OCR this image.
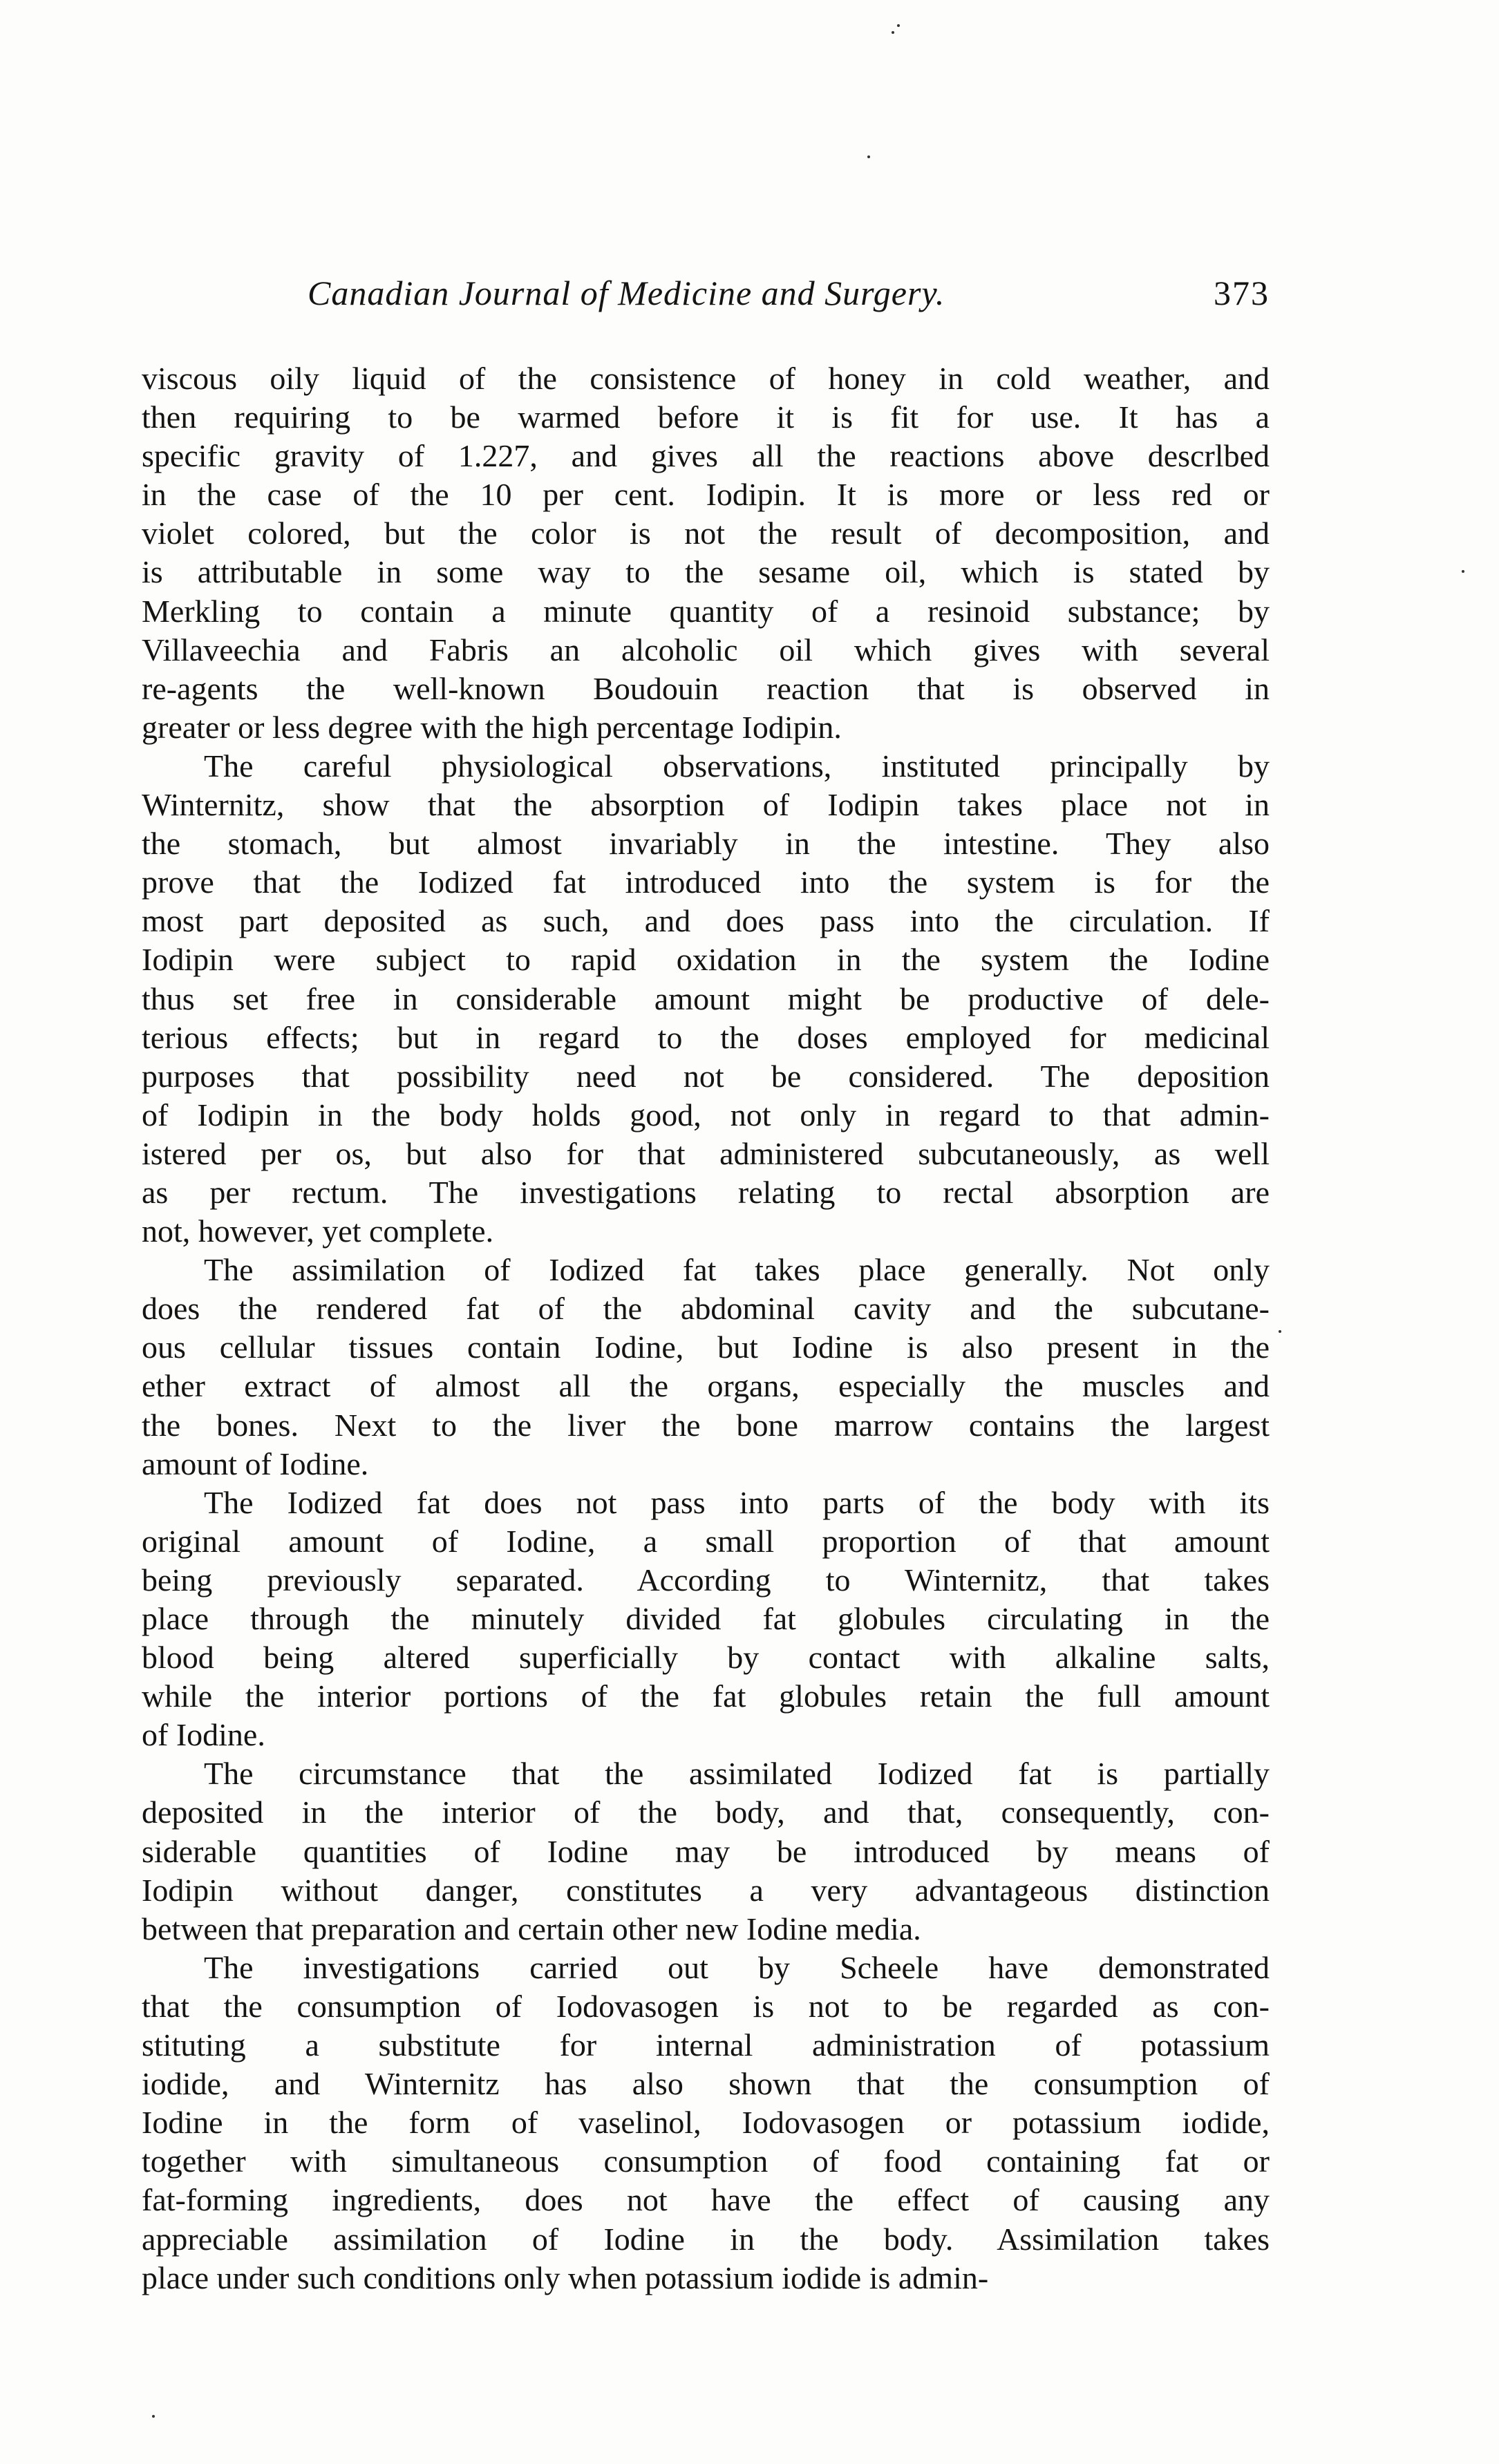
Canadian Journal of Medicine and Surgery.	373
viscous oily liquid of the consistence of honey in cold weather, and
then requiring to be warmed before it is fit for use. It has a
specific gravity of 1.227, and gives all the reactions above descrlbed
in the case of the 10 per cent. Iodipin. It is more or less red or
violet colored, but the color is not the result of decomposition, and
is attributable in some way to the sesame oil, which is stated by
Merkling to contain a minute quantity of a resinoid substance; by
Villaveechia and Fabris an alcoholic oil which gives with several
re-agents the well-known Boudouin reaction that is observed in
greater or less degree with the high percentage Iodipin.
The careful physiological observations, instituted principally by
Winternitz, show that the absorption of Iodipin takes place not in
the stomach, but almost invariably in the intestine. They also
prove that the Iodized fat introduced into the system is for the
most part deposited as such, and does pass into the circulation. If
Iodipin were subject to rapid oxidation in the system the Iodine
thus set free in considerable amount might be productive of dele-
terious effects; but in regard to the doses employed for medicinal
purposes that possibility need not be considered. The deposition
of Iodipin in the body holds good, not only in regard to that admin-
istered per os, but also for that administered subcutaneously, as well
as per rectum. The investigations relating to rectal absorption are
not, however, yet complete.
The assimilation of Iodized fat takes place generally. Not only
does the rendered fat of the abdominal cavity and the subcutane-
ous cellular tissues contain Iodine, but Iodine is also present in the
ether extract of almost all the organs, especially the muscles and
the bones. Next to the liver the bone marrow contains the largest
amount of Iodine.
The Iodized fat does not pass into parts of the body with its
original amount of Iodine, a small proportion of that amount
being previously separated. According to Winternitz, that takes
place through the minutely divided fat globules circulating in the
blood being altered superficially by contact with alkaline salts,
while the interior portions of the fat globules retain the full amount
of Iodine.
The circumstance that the assimilated Iodized fat is partially
deposited in the interior of the body, and that, consequently, con-
siderable quantities of Iodine may be introduced by means of
Iodipin without danger, constitutes a very advantageous distinction
between that preparation and certain other new Iodine media.
The investigations carried out by Scheele have demonstrated
that the consumption of Iodovasogen is not to be regarded as con-
stituting a substitute for internal administration of potassium
iodide, and Winternitz has also shown that the consumption of
Iodine in the form of vaselinol, Iodovasogen or potassium iodide,
together with simultaneous consumption of food containing fat or
fat-forming ingredients, does not have the effect of causing any
appreciable assimilation of Iodine in the body. Assimilation takes
place under such conditions only when potassium iodide is admin-
